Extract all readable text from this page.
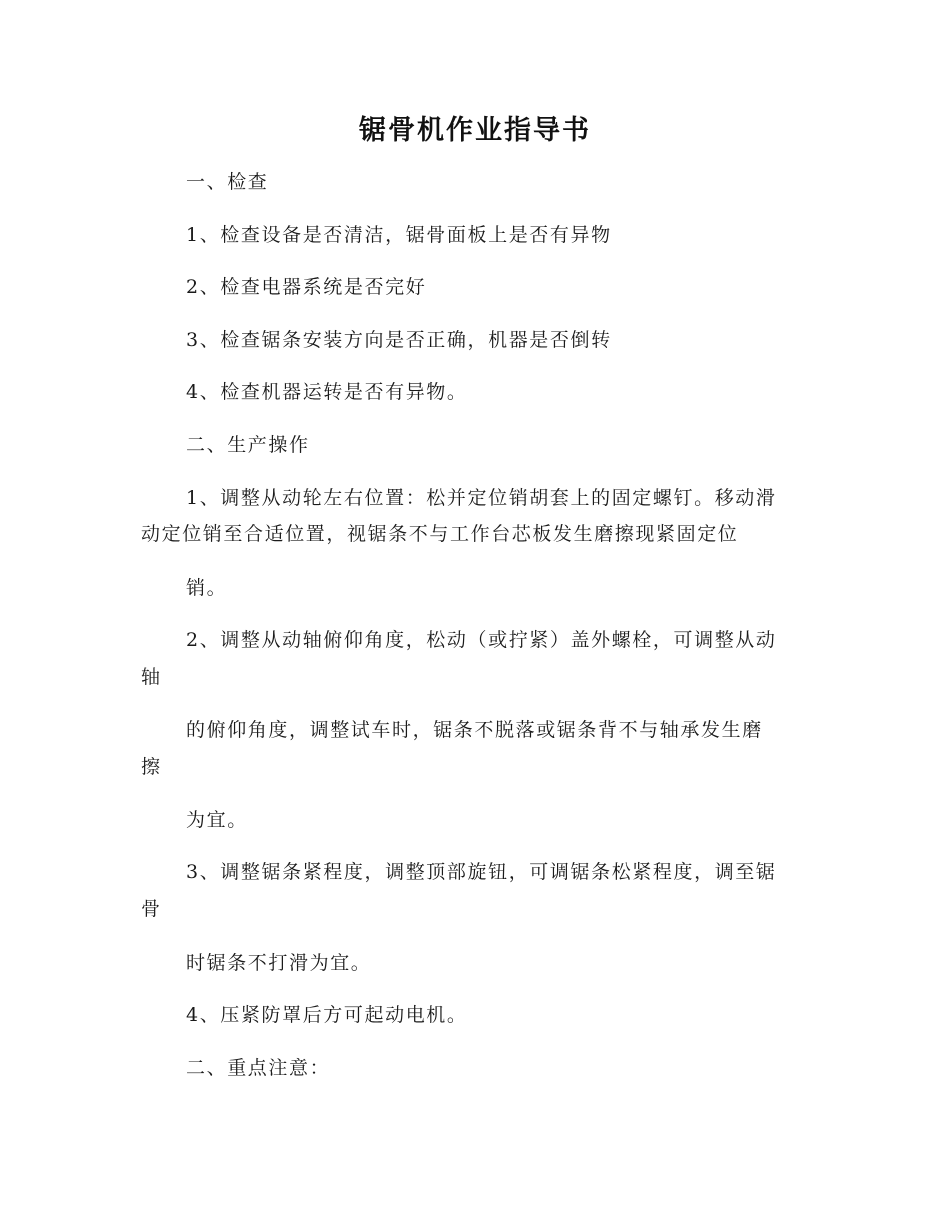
锯骨机作业指导书
一、检查
1、检查设备是否清洁，锯骨面板上是否有异物
2、检查电器系统是否完好
3、检查锯条安装方向是否正确，机器是否倒转
4、检查机器运转是否有异物。
二、生产操作
1、调整从动轮左右位置：松并定位销胡套上的固定螺钉。移动滑
动定位销至合适位置，视锯条不与工作台芯板发生磨擦现紧固定位
销。
2、调整从动轴俯仰角度，松动（或拧紧）盖外螺栓，可调整从动
轴
的俯仰角度，调整试车时，锯条不脱落或锯条背不与轴承发生磨
擦
为宜。
3、调整锯条紧程度，调整顶部旋钮，可调锯条松紧程度，调至锯
骨
时锯条不打滑为宜。
4、压紧防罩后方可起动电机。
二、重点注意：
